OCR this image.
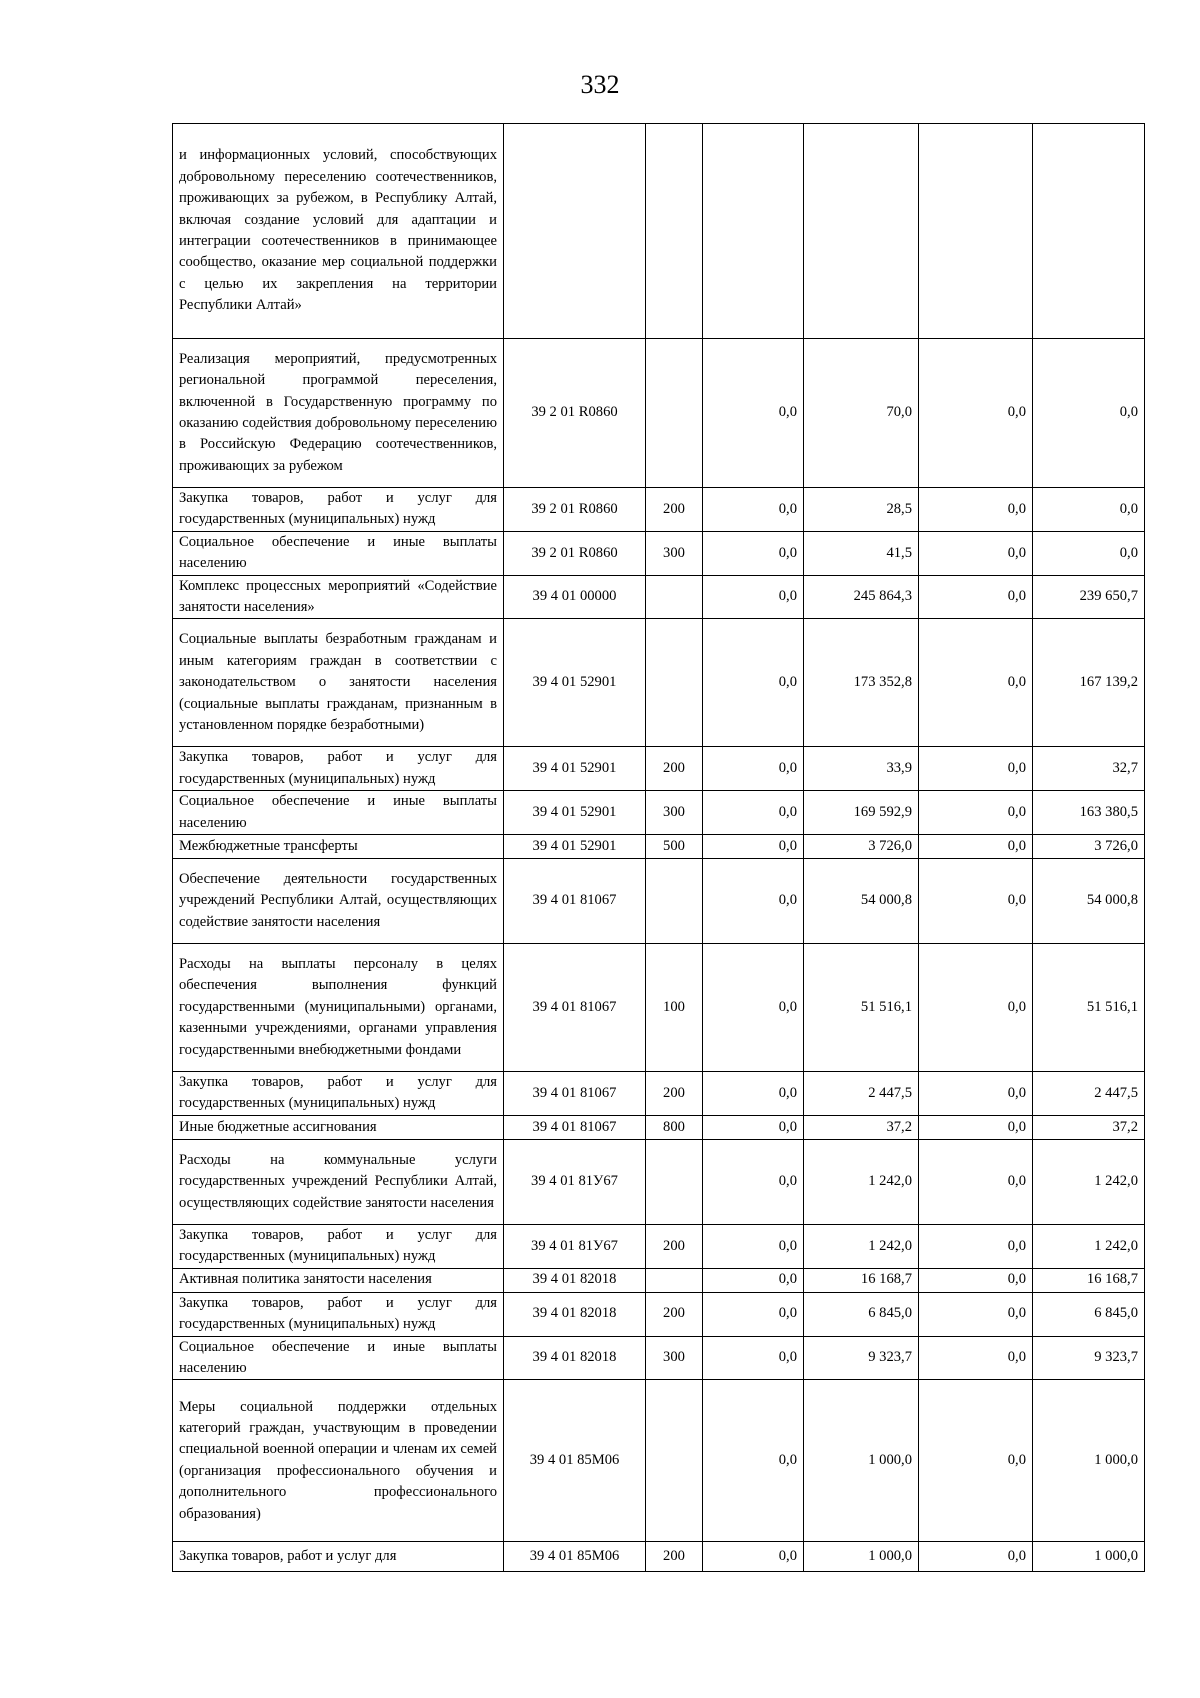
332
и информационных условий, способствующих добровольному переселению соотечественников, проживающих за рубежом, в Республику Алтай, включая создание условий для адаптации и интеграции соотечественников в принимающее сообщество, оказание мер социальной поддержки с целью их закрепления на территории Республики Алтай»						
Реализация мероприятий, предусмотренных региональной программой переселения, включенной в Государственную программу по оказанию содействия добровольному переселению в Российскую Федерацию соотечественников, проживающих за рубежом	39 2 01 R0860		0,0	70,0	0,0	0,0
Закупка товаров, работ и услуг для государственных (муниципальных) нужд	39 2 01 R0860	200	0,0	28,5	0,0	0,0
Социальное обеспечение и иные выплаты населению	39 2 01 R0860	300	0,0	41,5	0,0	0,0
Комплекс процессных мероприятий «Содействие занятости населения»	39 4 01 00000		0,0	245 864,3	0,0	239 650,7
Социальные выплаты безработным гражданам и иным категориям граждан в соответствии с законодательством о занятости населения (социальные выплаты гражданам, признанным в установленном порядке безработными)	39 4 01 52901		0,0	173 352,8	0,0	167 139,2
Закупка товаров, работ и услуг для государственных (муниципальных) нужд	39 4 01 52901	200	0,0	33,9	0,0	32,7
Социальное обеспечение и иные выплаты населению	39 4 01 52901	300	0,0	169 592,9	0,0	163 380,5
Межбюджетные трансферты	39 4 01 52901	500	0,0	3 726,0	0,0	3 726,0
Обеспечение деятельности государственных учреждений Республики Алтай, осуществляющих содействие занятости населения	39 4 01 81067		0,0	54 000,8	0,0	54 000,8
Расходы на выплаты персоналу в целях обеспечения выполнения функций государственными (муниципальными) органами, казенными учреждениями, органами управления государственными внебюджетными фондами	39 4 01 81067	100	0,0	51 516,1	0,0	51 516,1
Закупка товаров, работ и услуг для государственных (муниципальных) нужд	39 4 01 81067	200	0,0	2 447,5	0,0	2 447,5
Иные бюджетные ассигнования	39 4 01 81067	800	0,0	37,2	0,0	37,2
Расходы на коммунальные услуги государственных учреждений Республики Алтай, осуществляющих содействие занятости населения	39 4 01 81У67		0,0	1 242,0	0,0	1 242,0
Закупка товаров, работ и услуг для государственных (муниципальных) нужд	39 4 01 81У67	200	0,0	1 242,0	0,0	1 242,0
Активная политика занятости населения	39 4 01 82018		0,0	16 168,7	0,0	16 168,7
Закупка товаров, работ и услуг для государственных (муниципальных) нужд	39 4 01 82018	200	0,0	6 845,0	0,0	6 845,0
Социальное обеспечение и иные выплаты населению	39 4 01 82018	300	0,0	9 323,7	0,0	9 323,7
Меры социальной поддержки отдельных категорий граждан, участвующим в проведении специальной военной операции и членам их семей (организация профессионального обучения и дополнительного профессионального образования)	39 4 01 85М06		0,0	1 000,0	0,0	1 000,0
Закупка товаров, работ и услуг для	39 4 01 85М06	200	0,0	1 000,0	0,0	1 000,0
